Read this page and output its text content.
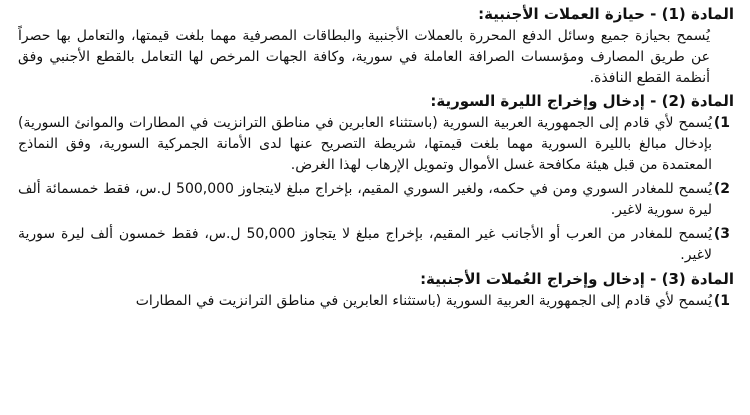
المادة (1) - حيازة العملات الأجنبية:

يُسمح بحيازة جميع وسائل الدفع المحررة بالعملات الأجنبية والبطاقات المصرفية مهما بلغت قيمتها، والتعامل بها حصراً عن طريق المصارف ومؤسسات الصرافة العاملة في سورية، وكافة الجهات المرخص لها التعامل بالقطع الأجنبي وفق أنظمة القطع النافذة.

المادة (2) - إدخال وإخراج الليرة السورية:
1)
يُسمح لأي قادم إلى الجمهورية العربية السورية (باستثناء العابرين في مناطق الترانزيت في المطارات والموانئ السورية) بإدخال مبالغ بالليرة السورية مهما بلغت قيمتها، شريطة التصريح عنها لدى الأمانة الجمركية السورية، وفق النماذج المعتمدة من قبل هيئة مكافحة غسل الأموال وتمويل الإرهاب لهذا الغرض.
2)
يُسمح للمغادر السوري ومن في حكمه، ولغير السوري المقيم، بإخراج مبلغ لايتجاوز 500,000 ل.س، فقط خمسمائة ألف ليرة سورية لاغير.
3)
يُسمح للمغادر من العرب أو الأجانب غير المقيم، بإخراج مبلغ لا يتجاوز 50,000 ل.س، فقط خمسون ألف ليرة سورية لاغير.
المادة (3) - إدخال وإخراج العُملات الأجنبية:
1)
يُسمح لأي قادم إلى الجمهورية العربية السورية (باستثناء العابرين في مناطق الترانزيت في المطارات
